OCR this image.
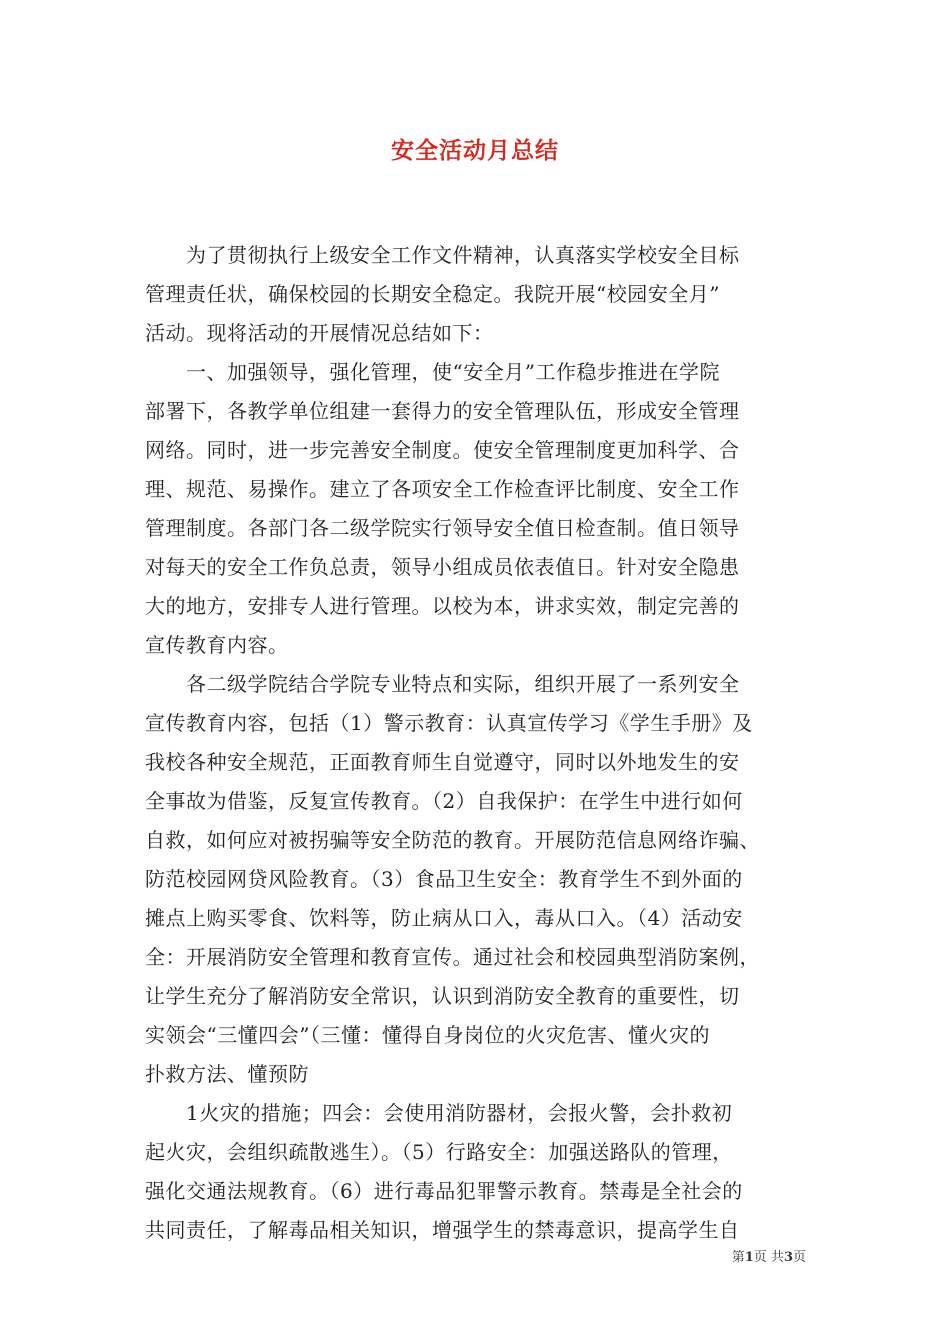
安全活动月总结
　　为了贯彻执行上级安全工作文件精神，认真落实学校安全目标
管理责任状，确保校园的长期安全稳定。我院开展“校园安全月”
活动。现将活动的开展情况总结如下：
　　一、加强领导，强化管理，使“安全月”工作稳步推进在学院
部署下，各教学单位组建一套得力的安全管理队伍，形成安全管理
网络。同时，进一步完善安全制度。使安全管理制度更加科学、合
理、规范、易操作。建立了各项安全工作检查评比制度、安全工作
管理制度。各部门各二级学院实行领导安全值日检查制。值日领导
对每天的安全工作负总责，领导小组成员依表值日。针对安全隐患
大的地方，安排专人进行管理。以校为本，讲求实效，制定完善的
宣传教育内容。
　　各二级学院结合学院专业特点和实际，组织开展了一系列安全
宣传教育内容，包括（1）警示教育：认真宣传学习《学生手册》及
我校各种安全规范，正面教育师生自觉遵守，同时以外地发生的安
全事故为借鉴，反复宣传教育。（2）自我保护：在学生中进行如何
自救，如何应对被拐骗等安全防范的教育。开展防范信息网络诈骗、
防范校园网贷风险教育。（3）食品卫生安全：教育学生不到外面的
摊点上购买零食、饮料等，防止病从口入，毒从口入。（4）活动安
全：开展消防安全管理和教育宣传。通过社会和校园典型消防案例，
让学生充分了解消防安全常识，认识到消防安全教育的重要性，切
实领会“三懂四会”（三懂：懂得自身岗位的火灾危害、懂火灾的
扑救方法、懂预防
　　1火灾的措施；四会：会使用消防器材，会报火警，会扑救初
起火灾，会组织疏散逃生）。（5）行路安全：加强送路队的管理，
强化交通法规教育。（6）进行毒品犯罪警示教育。禁毒是全社会的
共同责任，了解毒品相关知识，增强学生的禁毒意识，提高学生自
第1页 共3页
